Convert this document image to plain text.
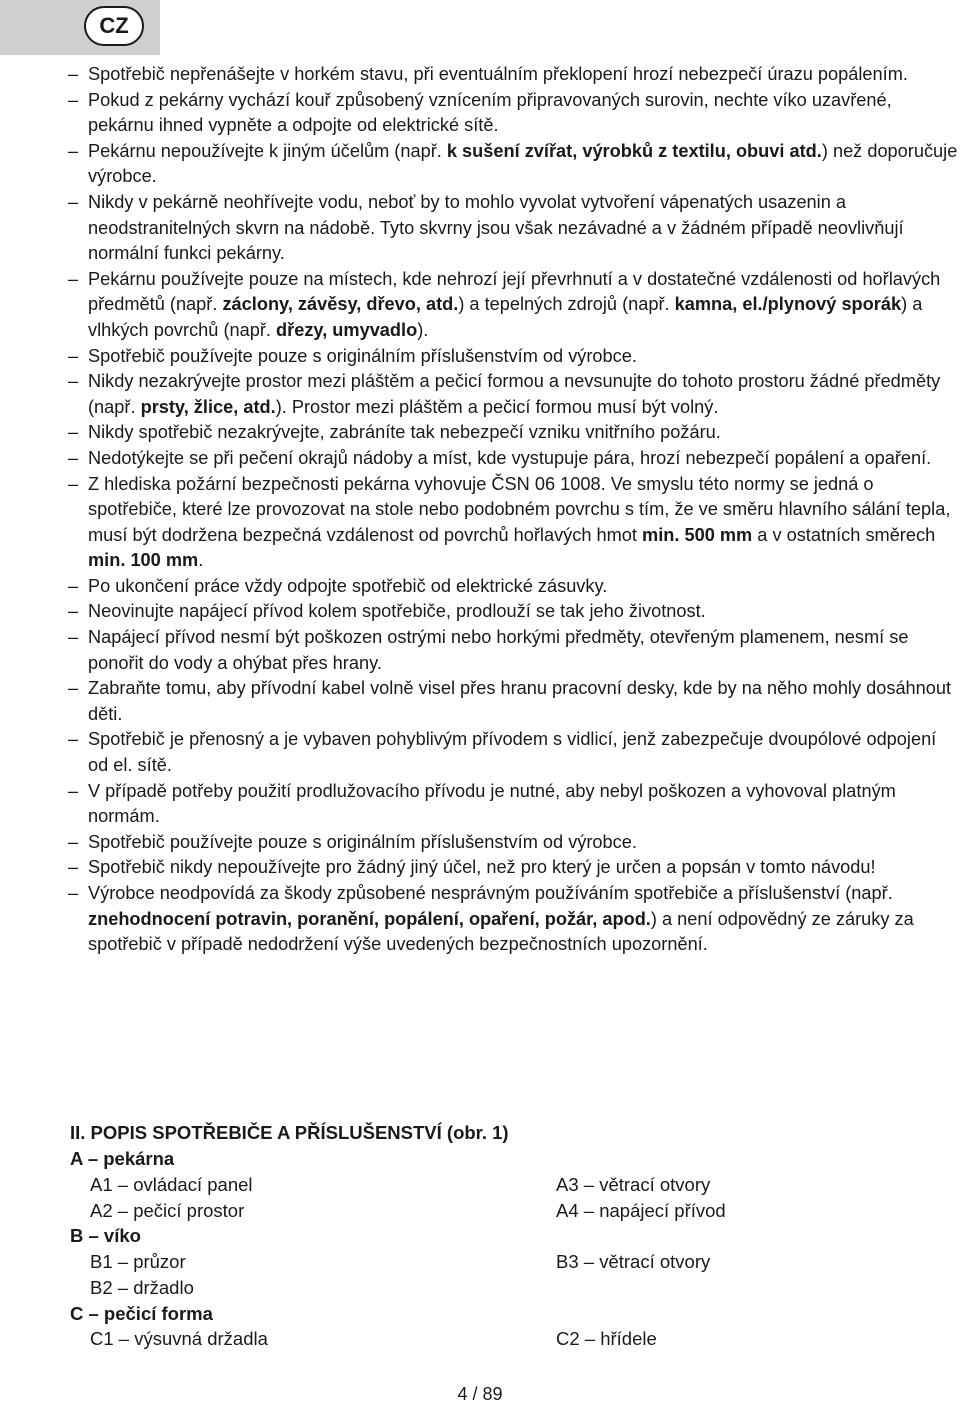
CZ
– Spotřebič nepřenášejte v horkém stavu, při eventuálním překlopení hrozí nebezpečí úrazu popálením.
– Pokud z pekárny vychází kouř způsobený vznícením připravovaných surovin, nechte víko uzavřené, pekárnu ihned vypněte a odpojte od elektrické sítě.
– Pekárnu nepoužívejte k jiným účelům (např. k sušení zvířat, výrobků z textilu, obuvi atd.) než doporučuje výrobce.
– Nikdy v pekárně neohřívejte vodu, neboť by to mohlo vyvolat vytvoření vápenatých usazenin a neodstranitelných skvrn na nádobě. Tyto skvrny jsou však nezávadné a v žádném případě neovlivňují normální funkci pekárny.
– Pekárnu používejte pouze na místech, kde nehrozí její převrhnutí a v dostatečné vzdálenosti od hořlavých předmětů (např. záclony, závěsy, dřevo, atd.) a tepelných zdrojů (např. kamna, el./plynový sporák) a vlhkých povrchů (např. dřezy, umyvadlo).
– Spotřebič používejte pouze s originálním příslušenstvím od výrobce.
– Nikdy nezakrývejte prostor mezi pláštěm a pečicí formou a nevsunujte do tohoto prostoru žádné předměty (např. prsty, žlice, atd.). Prostor mezi pláštěm a pečicí formou musí být volný.
– Nikdy spotřebič nezakrývejte, zabráníte tak nebezpečí vzniku vnitřního požáru.
– Nedotýkejte se při pečení okrajů nádoby a míst, kde vystupuje pára, hrozí nebezpečí popálení a opaření.
– Z hlediska požární bezpečnosti pekárna vyhovuje ČSN 06 1008. Ve smyslu této normy se jedná o spotřebiče, které lze provozovat na stole nebo podobném povrchu s tím, že ve směru hlavního sálání tepla, musí být dodržena bezpečná vzdálenost od povrchů hořlavých hmot min. 500 mm a v ostatních směrech min. 100 mm.
– Po ukončení práce vždy odpojte spotřebič od elektrické zásuvky.
– Neovinujte napájecí přívod kolem spotřebiče, prodlouží se tak jeho životnost.
– Napájecí přívod nesmí být poškozen ostrými nebo horkými předměty, otevřeným plamenem, nesmí se ponořit do vody a ohýbat přes hrany.
– Zabraňte tomu, aby přívodní kabel volně visel přes hranu pracovní desky, kde by na něho mohly dosáhnout děti.
– Spotřebič je přenosný a je vybaven pohyblivým přívodem s vidlicí, jenž zabezpečuje dvoupólové odpojení od el. sítě.
– V případě potřeby použití prodlužovacího přívodu je nutné, aby nebyl poškozen a vyhovoval platným normám.
– Spotřebič používejte pouze s originálním příslušenstvím od výrobce.
– Spotřebič nikdy nepoužívejte pro žádný jiný účel, než pro který je určen a popsán v tomto návodu!
– Výrobce neodpovídá za škody způsobené nesprávným používáním spotřebiče a příslušenství (např. znehodnocení potravin, poranění, popálení, opaření, požár, apod.) a není odpovědný ze záruky za spotřebič v případě nedodržení výše uvedených bezpečnostních upozornění.
II. POPIS SPOTŘEBIČE A PŘÍSLUŠENSTVÍ (obr. 1)
A – pekárna
A1 – ovládací panel	A3 – větrací otvory
A2 – pečicí prostor	A4 – napájecí přívod
B – víko
B1 – průzor	B3 – větrací otvory
B2 – držadlo
C – pečicí forma
C1 – výsuvná držadla	C2 – hřídele
4 / 89
